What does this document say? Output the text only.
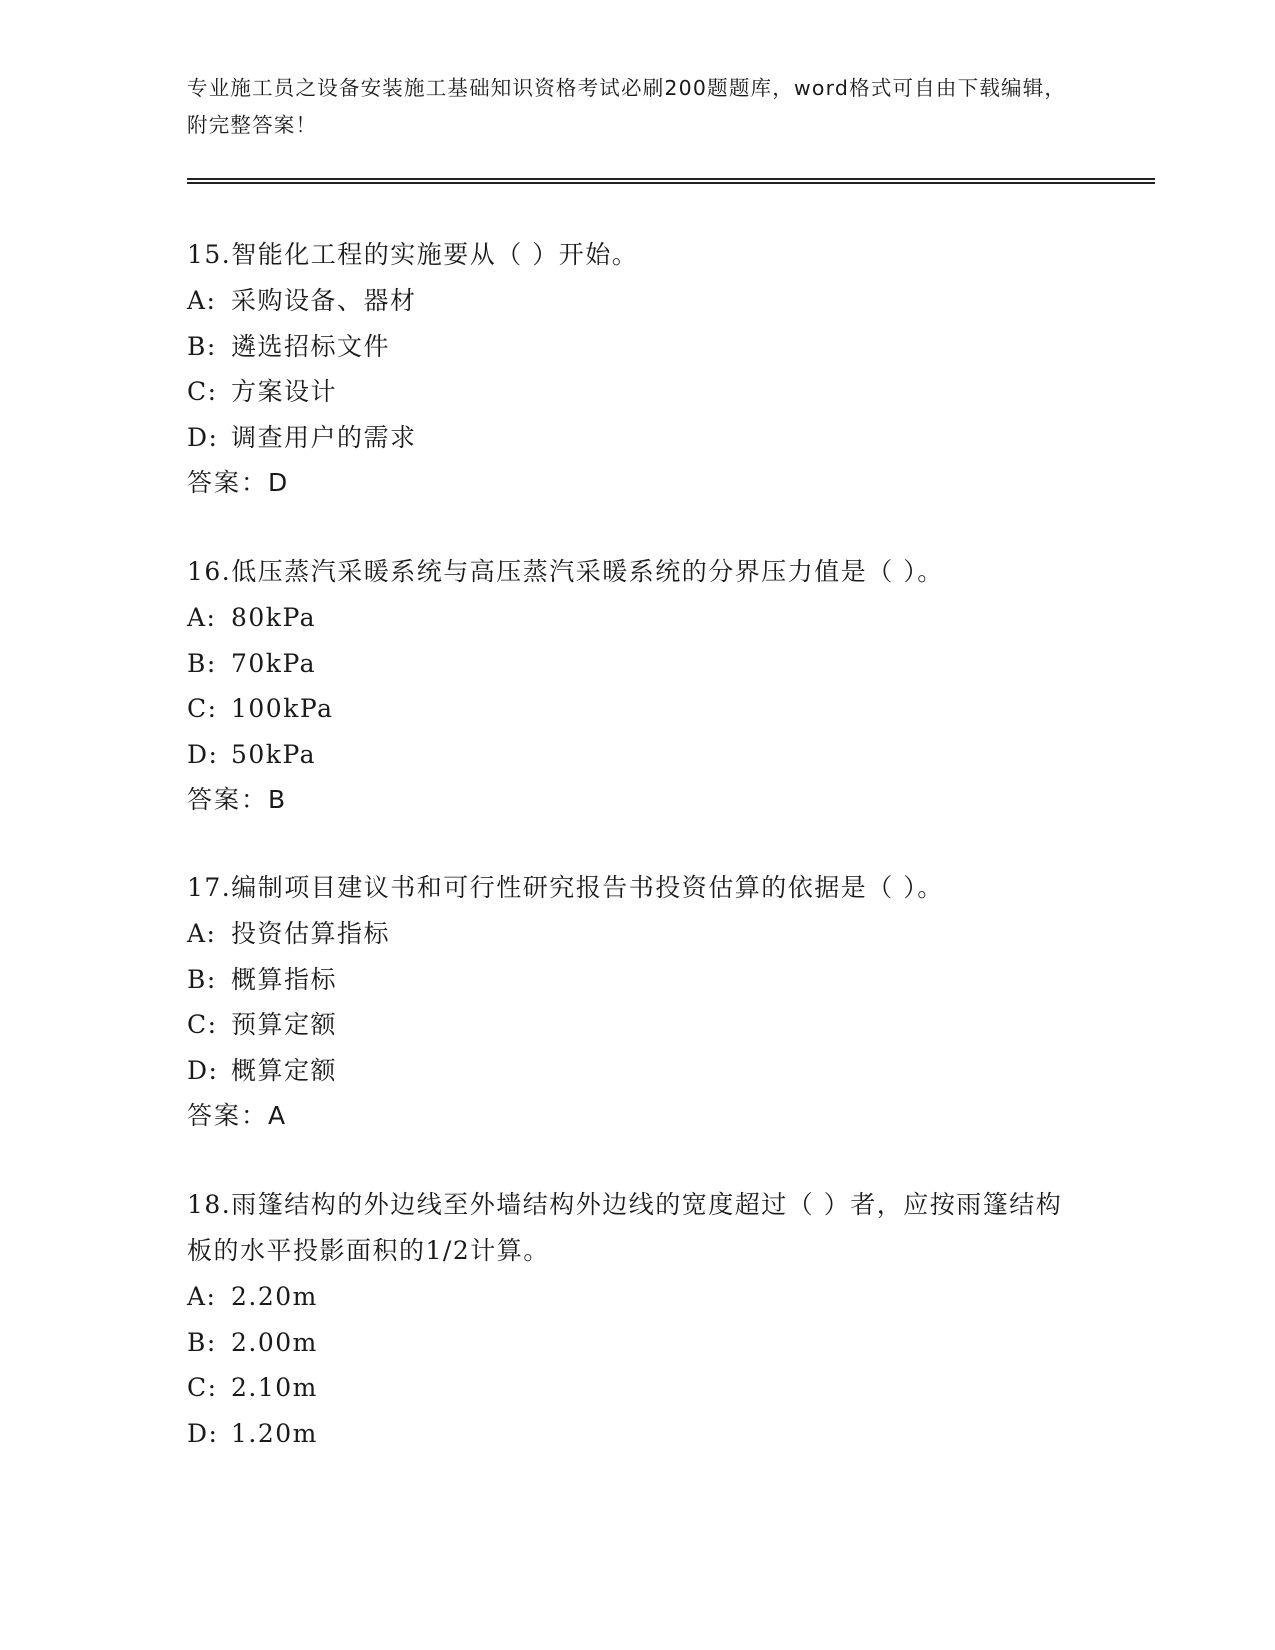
专业施工员之设备安装施工基础知识资格考试必刷200题题库，word格式可自由下载编辑，附完整答案！

15.智能化工程的实施要从（ ）开始。

A: 采购设备、器材

B: 遴选招标文件

C: 方案设计

D: 调查用户的需求

答案：D

16.低压蒸汽采暖系统与高压蒸汽采暖系统的分界压力值是（ ）。

A: 80kPa

B: 70kPa

C: 100kPa

D: 50kPa

答案：B

17.编制项目建议书和可行性研究报告书投资估算的依据是（ ）。

A: 投资估算指标

B: 概算指标

C: 预算定额

D: 概算定额

答案：A

18.雨篷结构的外边线至外墙结构外边线的宽度超过（ ）者，应按雨篷结构板的水平投影面积的1/2计算。

A: 2.20m

B: 2.00m

C: 2.10m

D: 1.20m
